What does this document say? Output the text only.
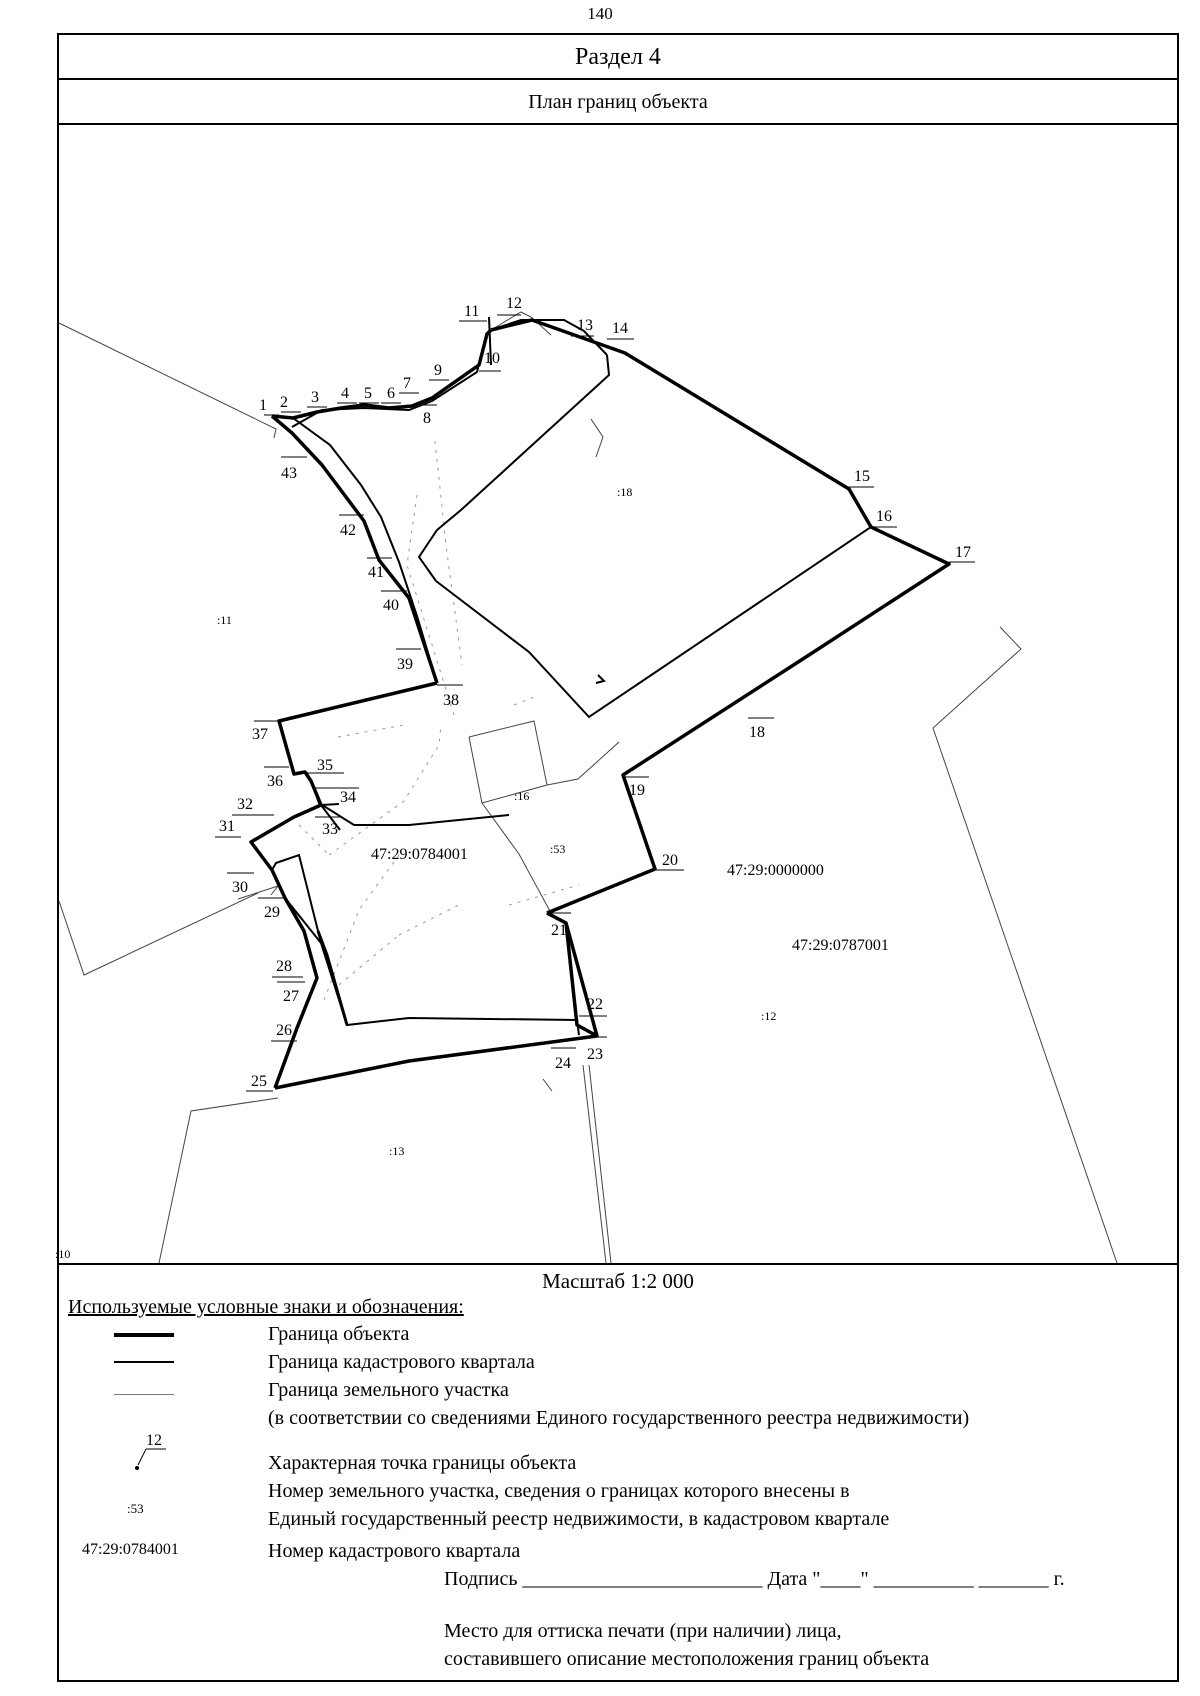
140
Раздел 4
План границ объекта
1 2 3 4 5 6
7
8
9
10
11 12
13 14
15
16
17
18
19
20
21
22
23
24
25
26
27
28
29
30
31
32
33
34
35
36
37
38
39
40
41
42
43
:18
:11
:16
:53
:12
:13
:10
47:29:0784001
47:29:0000000
47:29:0787001
Масштаб 1:2 000
Используемые условные знаки и обозначения:
Граница объекта
Граница кадастрового квартала
Граница земельного участка
(в соответствии со сведениями Единого государственного реестра недвижимости)
12
Характерная точка границы объекта
:53
Номер земельного участка, сведения о границах которого внесены в
Единый государственный реестр недвижимости, в кадастровом квартале
47:29:0784001	Номер кадастрового квартала
Подпись ________________________ Дата "____" __________ _______ г.
Место для оттиска печати (при наличии) лица,
составившего описание местоположения границ объекта
